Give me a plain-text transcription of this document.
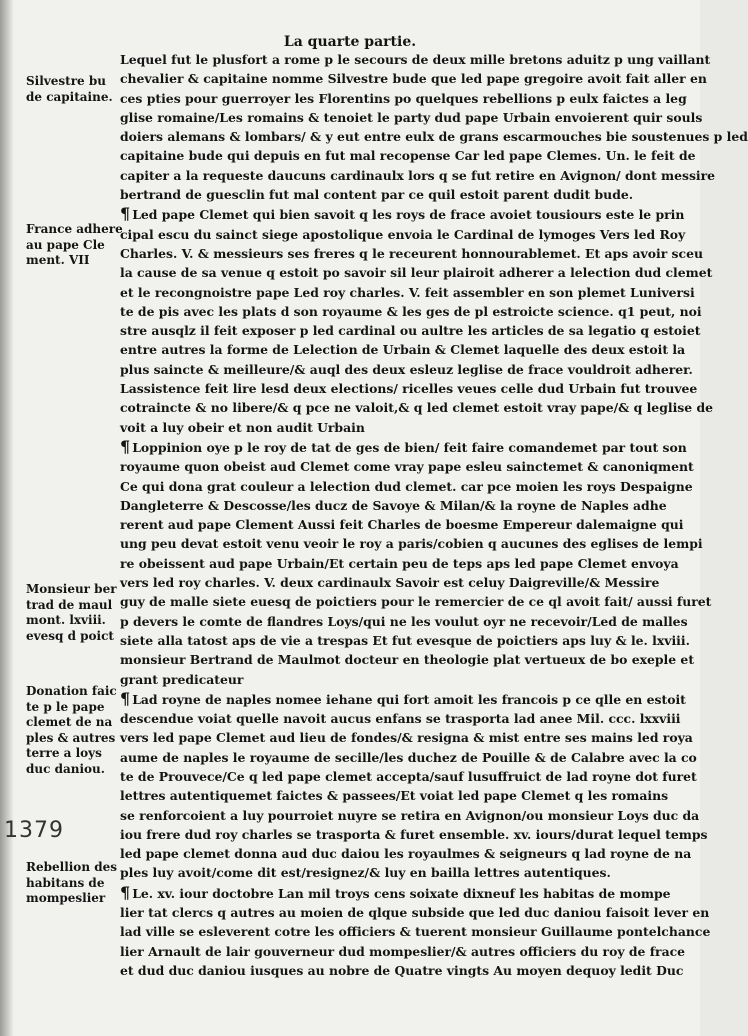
La quarte partie.
1379
Silvestre bu
de capitaine.
France adhere
au pape Cle
ment. VII
Monsieur ber
trad de maul
mont. lxviii.
evesq d poict
Donation faic
te p le pape
clemet de na
ples & autres
terre a loys
duc daniou.
Rebellion des
habitans de
mompeslier
Lequel fut le plusfort a rome p le secours de deux mille bretons aduitz p ung vaillant
chevalier & capitaine nomme Silvestre bude que led pape gregoire avoit fait aller en
ces pties pour guerroyer les Florentins po quelques rebellions p eulx faictes a leg
glise romaine/Les romains & tenoiet le party dud pape Urbain envoierent quir souls
doiers alemans & lombars/ & y eut entre eulx de grans escarmouches bie soustenues p led
capitaine bude qui depuis en fut mal recopense Car led pape Clemes. Un. le feit de
capiter a la requeste daucuns cardinaulx lors q se fut retire en Avignon/ dont messire
bertrand de guesclin fut mal content par ce quil estoit parent dudit bude.
¶ Led pape Clemet qui bien savoit q les roys de frace avoiet tousiours este le prin
cipal escu du sainct siege apostolique envoia le Cardinal de lymoges Vers led Roy
Charles. V. & messieurs ses freres q le receurent honnourablemet. Et aps avoir sceu
la cause de sa venue q estoit po savoir sil leur plairoit adherer a lelection dud clemet
et le recongnoistre pape Led roy charles. V. feit assembler en son plemet Luniversi
te de pis avec les plats d son royaume & les ges de pl estroicte science. q1 peut, noi
stre ausqlz il feit exposer p led cardinal ou aultre les articles de sa legatio q estoiet
entre autres la forme de Lelection de Urbain & Clemet laquelle des deux estoit la
plus saincte & meilleure/& auql des deux esleuz leglise de frace vouldroit adherer.
Lassistence feit lire lesd deux elections/ ricelles veues celle dud Urbain fut trouvee
cotraincte & no libere/& q pce ne valoit,& q led clemet estoit vray pape/& q leglise de
voit a luy obeir et non audit Urbain
¶ Loppinion oye p le roy de tat de ges de bien/ feit faire comandemet par tout son
royaume quon obeist aud Clemet come vray pape esleu sainctemet & canoniqment
Ce qui dona grat couleur a lelection dud clemet. car pce moien les roys Despaigne
Dangleterre & Descosse/les ducz de Savoye & Milan/& la royne de Naples adhe
rerent aud pape Clement Aussi feit Charles de boesme Empereur dalemaigne qui
ung peu devat estoit venu veoir le roy a paris/cobien q aucunes des eglises de lempi
re obeissent aud pape Urbain/Et certain peu de teps aps led pape Clemet envoya
vers led roy charles. V. deux cardinaulx Savoir est celuy Daigreville/& Messire
guy de malle siete euesq de poictiers pour le remercier de ce ql avoit fait/ aussi furet
p devers le comte de flandres Loys/qui ne les voulut oyr ne recevoir/Led de malles
siete alla tatost aps de vie a trespas Et fut evesque de poictiers aps luy & le. lxviii.
monsieur Bertrand de Maulmot docteur en theologie plat vertueux de bo exeple et
grant predicateur
¶ Lad royne de naples nomee iehane qui fort amoit les francois p ce qlle en estoit
descendue voiat quelle navoit aucus enfans se trasporta lad anee Mil. ccc. lxxviii
vers led pape Clemet aud lieu de fondes/& resigna & mist entre ses mains led roya
aume de naples le royaume de secille/les duchez de Pouille & de Calabre avec la co
te de Prouvece/Ce q led pape clemet accepta/sauf lusuffruict de lad royne dot furet
lettres autentiquemet faictes & passees/Et voiat led pape Clemet q les romains
se renforcoient a luy pourroiet nuyre se retira en Avignon/ou monsieur Loys duc da
iou frere dud roy charles se trasporta & furet ensemble. xv. iours/durat lequel temps
led pape clemet donna aud duc daiou les royaulmes & seigneurs q lad royne de na
ples luy avoit/come dit est/resignez/& luy en bailla lettres autentiques.
¶ Le. xv. iour doctobre Lan mil troys cens soixate dixneuf les habitas de mompe
lier tat clercs q autres au moien de qlque subside que led duc daniou faisoit lever en
lad ville se esleverent cotre les officiers & tuerent monsieur Guillaume pontelchance
lier Arnault de lair gouverneur dud mompeslier/& autres officiers du roy de frace
et dud duc daniou iusques au nobre de Quatre vingts Au moyen dequoy ledit Duc
